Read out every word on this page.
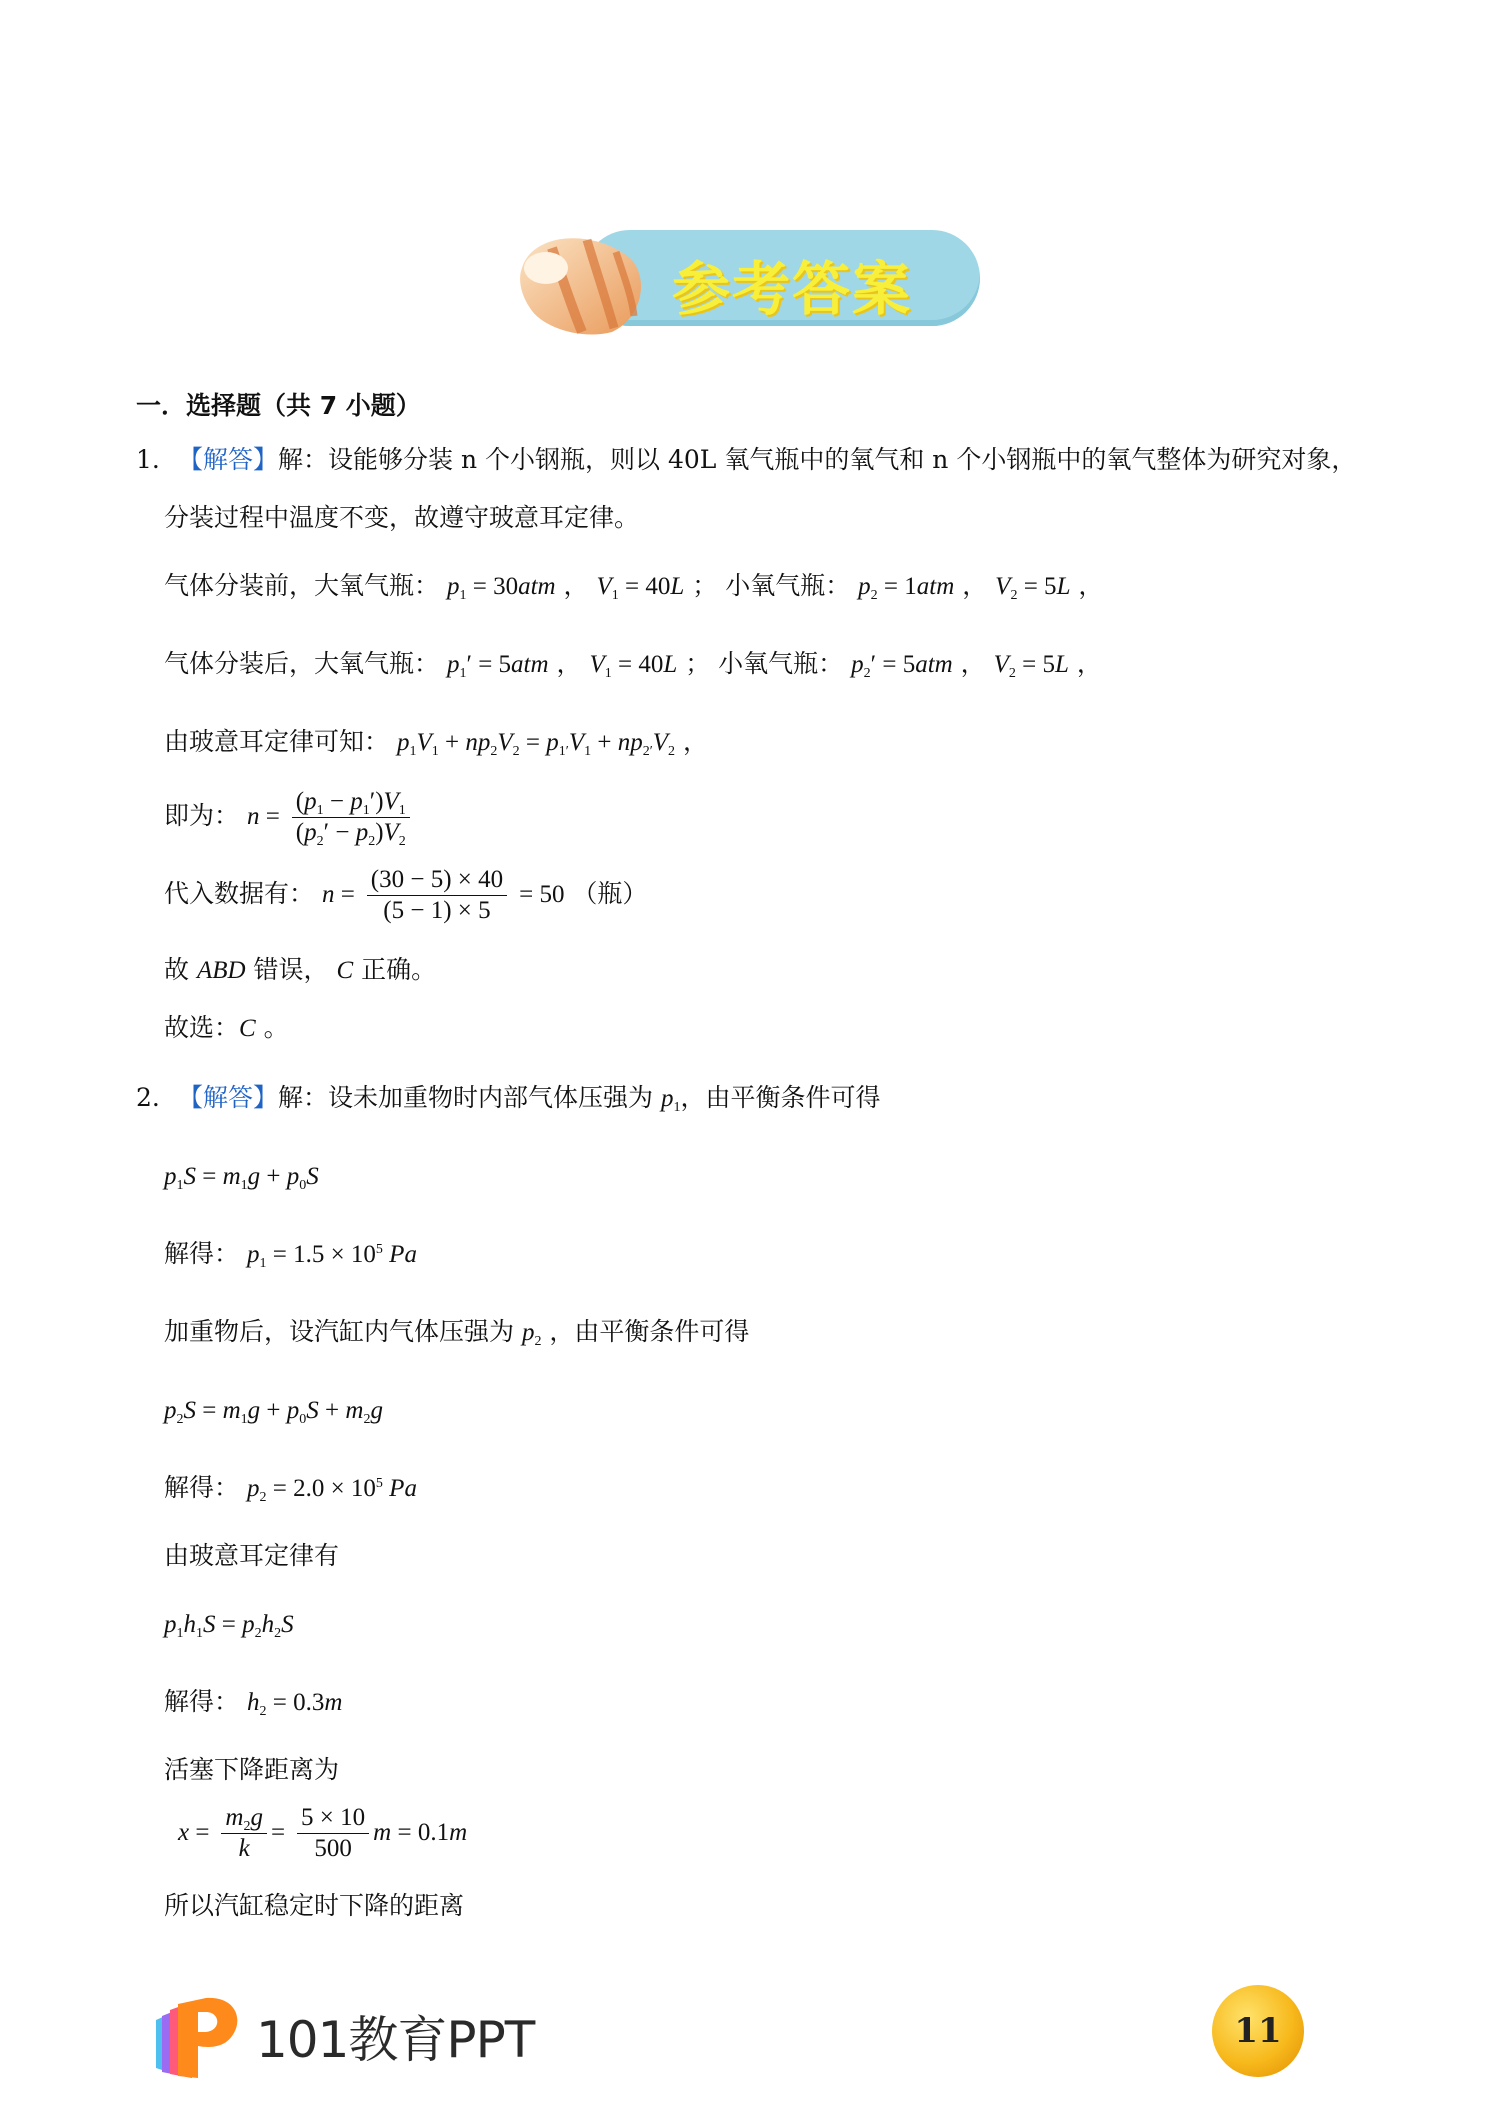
参考答案
一．选择题（共 7 小题）
1. 【解答】解：设能够分装 n 个小钢瓶，则以 40L 氧气瓶中的氧气和 n 个小钢瓶中的氧气整体为研究对象，
分装过程中温度不变，故遵守玻意耳定律。
气体分装前，大氧气瓶： $p_1 = 30atm$ ， $V_1 = 40L$ ； 小氧气瓶： $p_2 = 1atm$ ， $V_2 = 5L$ ，
气体分装后，大氧气瓶： $p_1' = 5atm$ ， $V_1 = 40L$ ； 小氧气瓶： $p_2' = 5atm$ ， $V_2 = 5L$ ，
由玻意耳定律可知： $p_1V_1 + np_2V_2 = p_{1'}V_1 + np_{2'}V_2$ ，
即为： $n = \frac{(p_1 - p_1')V_1}{(p_2' - p_2)V_2}$
代入数据有： $n = \frac{(30 - 5) \times 40}{(5 - 1) \times 5} = 50$ （瓶）
故 ABD 错误， C 正确。
故选：C 。
2. 【解答】解：设未加重物时内部气体压强为 $p_1$，由平衡条件可得
$p_1S = m_1g + p_0S$
解得： $p_1 = 1.5 \times 10^5$ Pa
加重物后，设汽缸内气体压强为 $p_2$ ，由平衡条件可得
$p_2S = m_1g + p_0S + m_2g$
解得： $p_2 = 2.0 \times 10^5$ Pa
由玻意耳定律有
$p_1h_1S = p_2h_2S$
解得： $h_2 = 0.3m$
活塞下降距离为
$x = \frac{m_2g}{k} = \frac{5 \times 10}{500}$ m = 0.1m
所以汽缸稳定时下降的距离
101教育PPT	11
